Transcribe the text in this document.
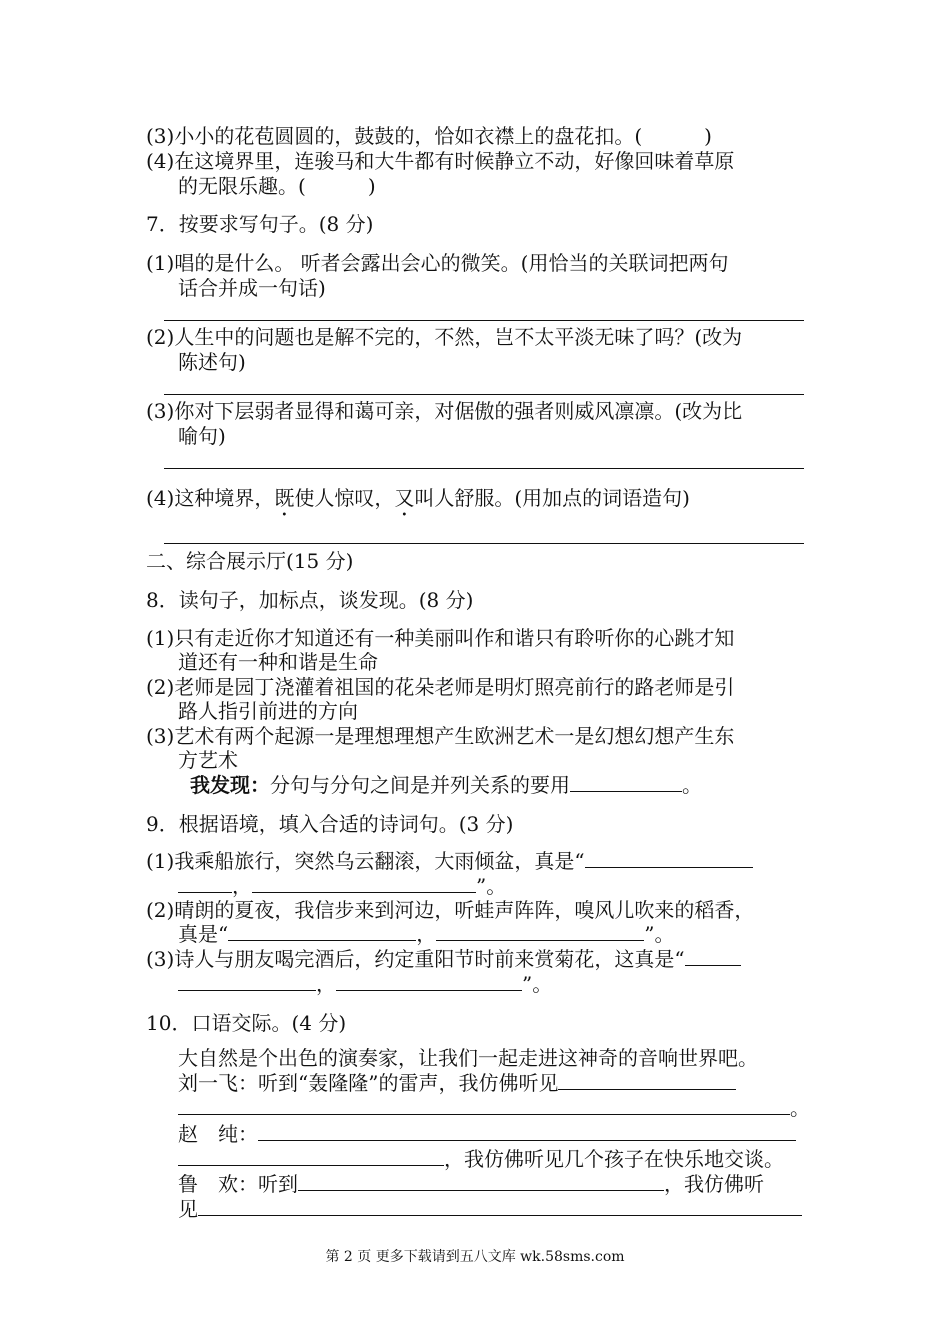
(3)小小的花苞圆圆的，鼓鼓的，恰如衣襟上的盘花扣。(	)
(4)在这境界里，连骏马和大牛都有时候静立不动，好像回味着草原
的无限乐趣。(	)
7．按要求写句子。(8 分)
(1)唱的是什么。 听者会露出会心的微笑。(用恰当的关联词把两句
话合并成一句话)
(2)人生中的问题也是解不完的，不然，岂不太平淡无味了吗？(改为
陈述句)
(3)你对下层弱者显得和蔼可亲，对倨傲的强者则威风凛凛。(改为比
喻句)
(4)这种境界，既使人惊叹，又叫人舒服。(用加点的词语造句)
二、综合展示厅(15 分)
8．读句子，加标点，谈发现。(8 分)
(1)只有走近你才知道还有一种美丽叫作和谐只有聆听你的心跳才知
道还有一种和谐是生命
(2)老师是园丁浇灌着祖国的花朵老师是明灯照亮前行的路老师是引
路人指引前进的方向
(3)艺术有两个起源一是理想理想产生欧洲艺术一是幻想幻想产生东
方艺术
我发现：分句与分句之间是并列关系的要用	。
9．根据语境，填入合适的诗词句。(3 分)
(1)我乘船旅行，突然乌云翻滚，大雨倾盆，真是“
，	”。
(2)晴朗的夏夜，我信步来到河边，听蛙声阵阵，嗅风儿吹来的稻香，
真是“	，	”。
(3)诗人与朋友喝完酒后，约定重阳节时前来赏菊花，这真是“
，	”。
10．口语交际。(4 分)
大自然是个出色的演奏家，让我们一起走进这神奇的音响世界吧。
刘一飞：听到“轰隆隆”的雷声，我仿佛听见
。
赵　纯：
，我仿佛听见几个孩子在快乐地交谈。
鲁　欢：听到	，我仿佛听
见
第 2 页 更多下载请到五八文库 wk.58sms.com
